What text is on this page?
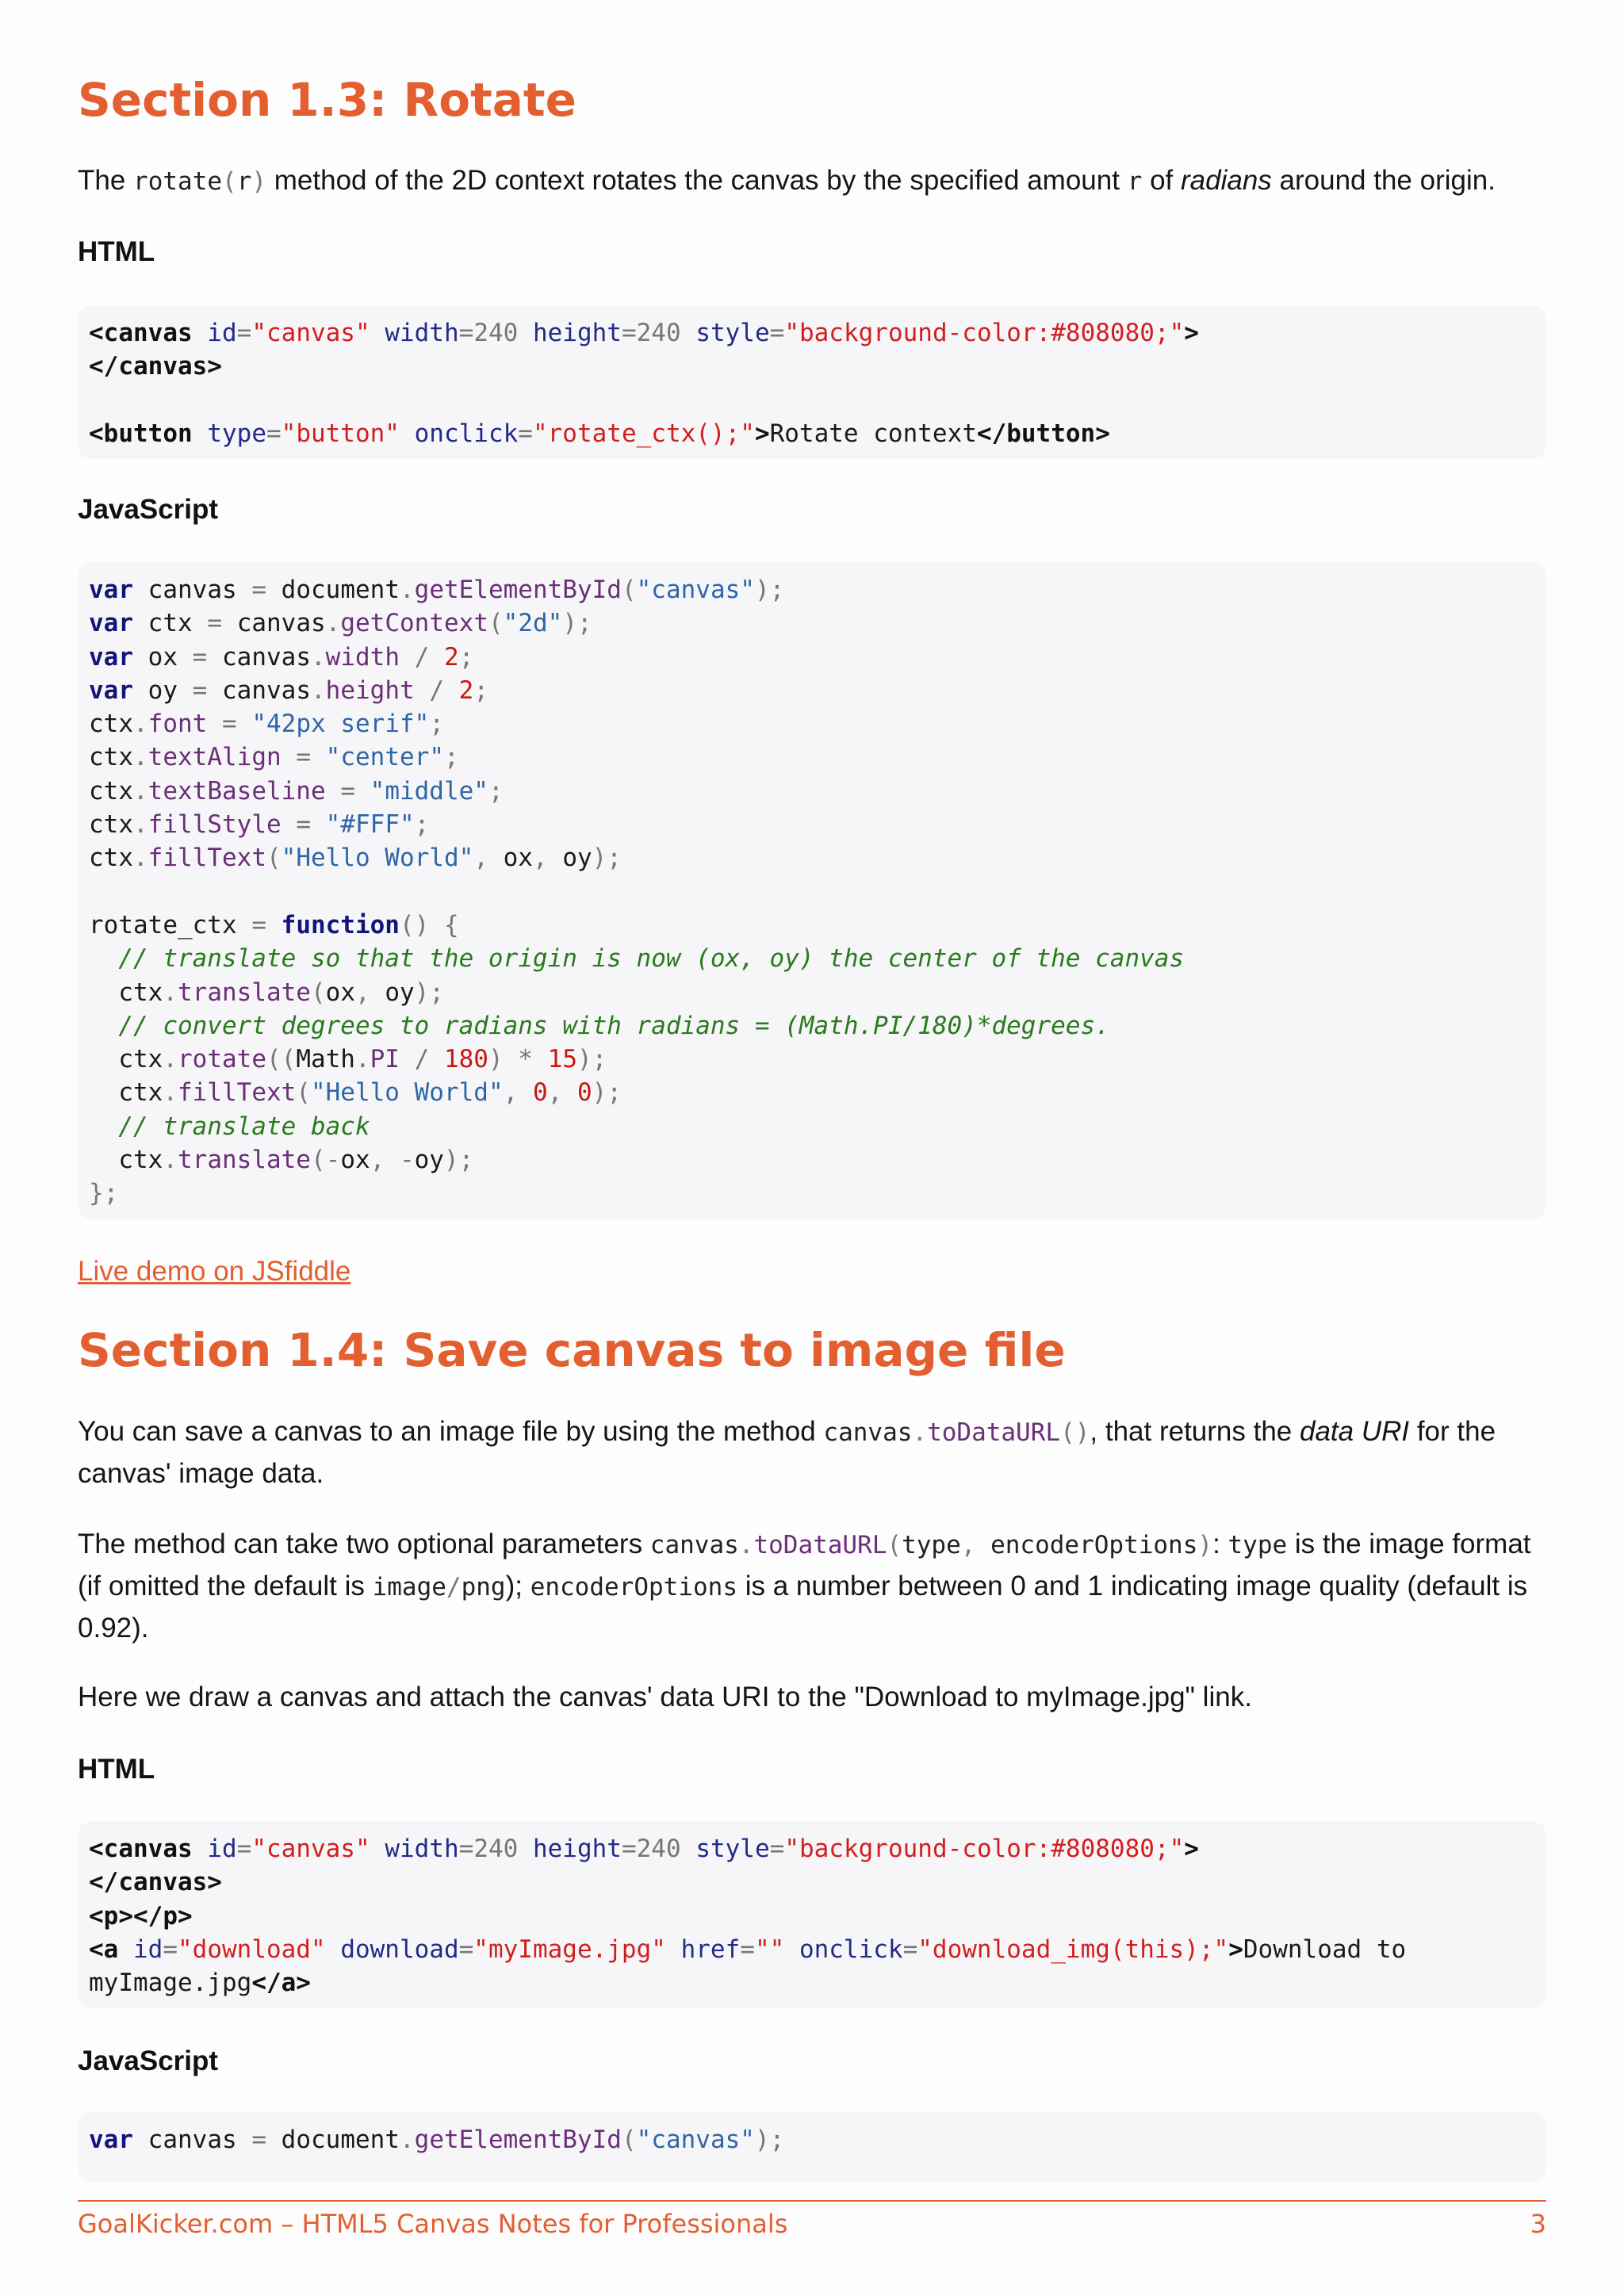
Section 1.3: Rotate

The rotate(r) method of the 2D context rotates the canvas by the specified amount r of radians around the origin.

HTML
<canvas id="canvas" width=240 height=240 style="background-color:#808080;">
</canvas>
<button type="button" onclick="rotate_ctx();">Rotate context</button>
JavaScript
var canvas = document.getElementById("canvas");
var ctx = canvas.getContext("2d");
var ox = canvas.width / 2;
var oy = canvas.height / 2;
ctx.font = "42px serif";
ctx.textAlign = "center";
ctx.textBaseline = "middle";
ctx.fillStyle = "#FFF";
ctx.fillText("Hello World", ox, oy);
rotate_ctx = function() {
// translate so that the origin is now (ox, oy) the center of the canvas
ctx.translate(ox, oy);
// convert degrees to radians with radians = (Math.PI/180)*degrees.
ctx.rotate((Math.PI / 180) * 15);
ctx.fillText("Hello World", 0, 0);
// translate back
ctx.translate(-ox, -oy);
};
Live demo on JSfiddle
Section 1.4: Save canvas to image file

You can save a canvas to an image file by using the method canvas.toDataURL(), that returns the data URI for the canvas' image data.

The method can take two optional parameters canvas.toDataURL(type, encoderOptions): type is the image format (if omitted the default is image/png); encoderOptions is a number between 0 and 1 indicating image quality (default is 0.92).

Here we draw a canvas and attach the canvas' data URI to the "Download to myImage.jpg" link.

HTML
<canvas id="canvas" width=240 height=240 style="background-color:#808080;">
</canvas>
<p></p>
<a id="download" download="myImage.jpg" href="" onclick="download_img(this);">Download to
myImage.jpg</a>
JavaScript
var canvas = document.getElementById("canvas");
GoalKicker.com – HTML5 Canvas Notes for Professionals	3
